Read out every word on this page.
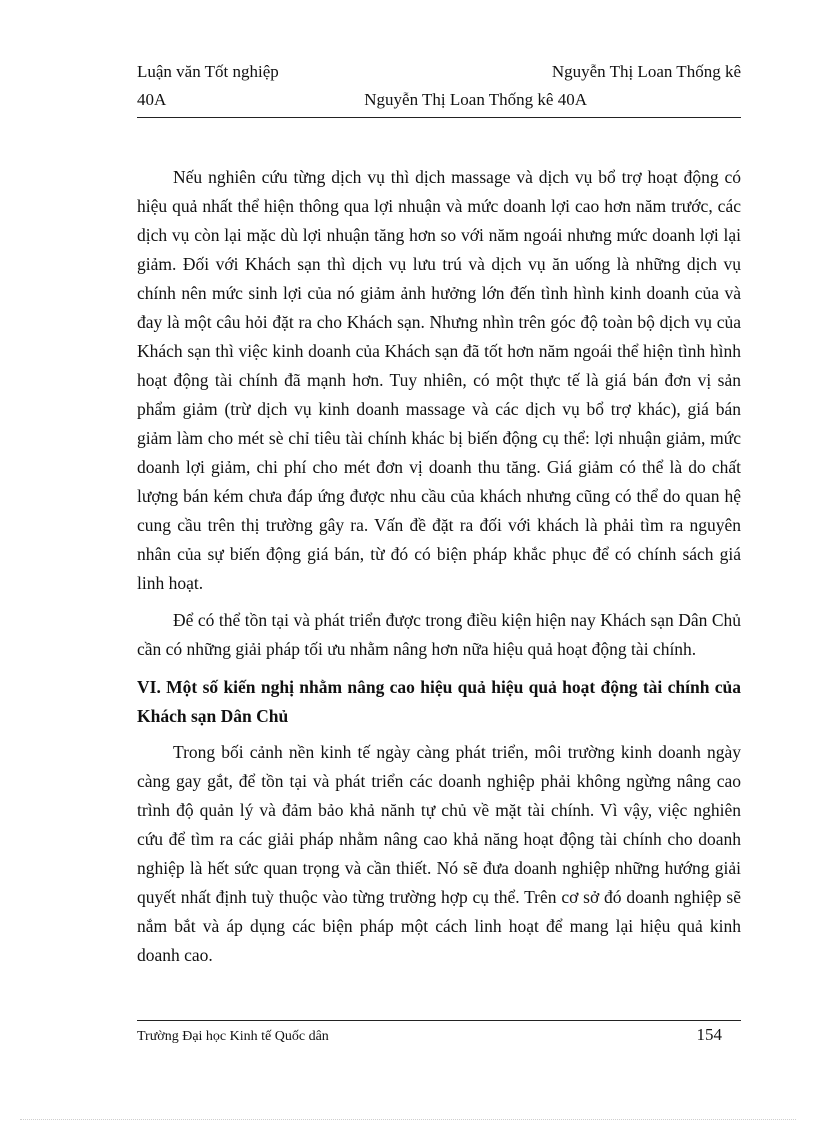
Luận văn Tốt nghiệp	Nguyễn Thị Loan Thống kê
40A	Nguyễn Thị Loan Thống kê 40A

Nếu nghiên cứu từng dịch vụ thì dịch massage và dịch vụ bổ trợ hoạt động có hiệu quả nhất thể hiện thông qua lợi nhuận và mức doanh lợi cao hơn năm trước, các dịch vụ còn lại mặc dù lợi nhuận tăng hơn so với năm ngoái nhưng mức doanh lợi lại giảm. Đối với Khách sạn thì dịch vụ lưu trú và dịch vụ ăn uống là những dịch vụ chính nên mức sinh lợi của nó giảm ảnh hưởng lớn đến tình hình kinh doanh của và đay là một câu hỏi đặt ra cho Khách sạn. Nhưng nhìn trên góc độ toàn bộ dịch vụ của Khách sạn thì việc kinh doanh của Khách sạn đã tốt hơn năm ngoái thể hiện tình hình hoạt động tài chính đã mạnh hơn. Tuy nhiên, có một thực tế là giá bán đơn vị sản phẩm giảm (trừ dịch vụ kinh doanh massage và các dịch vụ bổ trợ khác), giá bán giảm làm cho mét sè chỉ tiêu tài chính khác bị biến động cụ thể: lợi nhuận giảm, mức doanh lợi giảm, chi phí cho mét đơn vị doanh thu tăng. Giá giảm có thể là do chất lượng bán kém chưa đáp ứng được nhu cầu của khách nhưng cũng có thể do quan hệ cung cầu trên thị trường gây ra. Vấn đề đặt ra đối với khách là phải tìm ra nguyên nhân của sự biến động giá bán, từ đó có biện pháp khắc phục để có chính sách giá linh hoạt.

Để có thể tồn tại và phát triển được trong điều kiện hiện nay Khách sạn Dân Chủ cần có những giải pháp tối ưu nhằm nâng hơn nữa hiệu quả hoạt động tài chính.

VI. Một số kiến nghị nhằm nâng cao hiệu quả hiệu quả hoạt động tài chính của Khách sạn Dân Chủ

Trong bối cảnh nền kinh tế ngày càng phát triển, môi trường kinh doanh ngày càng gay gắt, để tồn tại và phát triển các doanh nghiệp phải không ngừng nâng cao trình độ quản lý và đảm bảo khả nănh tự chủ về mặt tài chính. Vì vậy, việc nghiên cứu để tìm ra các giải pháp nhằm nâng cao khả năng hoạt động tài chính cho doanh nghiệp là hết sức quan trọng và cần thiết. Nó sẽ đưa doanh nghiệp những hướng giải quyết nhất định tuỳ thuộc vào từng trường hợp cụ thể. Trên cơ sở đó doanh nghiệp sẽ nắm bắt và áp dụng các biện pháp một cách linh hoạt để mang lại hiệu quả kinh doanh cao.

Trường Đại học Kinh tế Quốc dân	154
